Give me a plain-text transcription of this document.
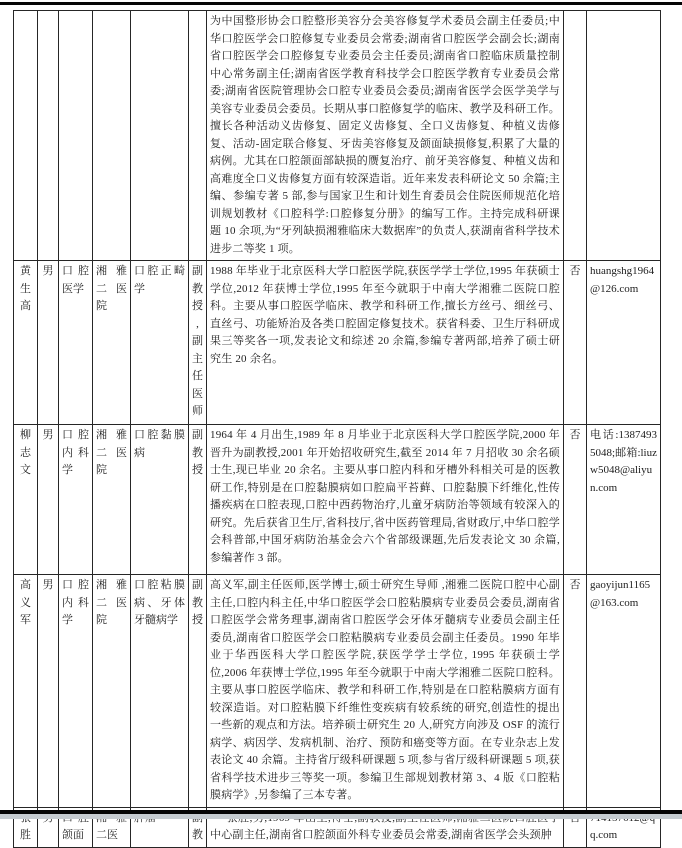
						为中国整形协会口腔整形美容分会美容修复学术委员会副主任委员;中华口腔医学会口腔修复专业委员会常委;湖南省口腔医学会副会长;湖南省口腔医学会口腔修复专业委员会主任委员;湖南省口腔临床质量控制中心常务副主任;湖南省医学教育科技学会口腔医学教育专业委员会常委;湖南省医院管理协会口腔专业委员会委员;湖南省医学会医学美学与美容专业委员会委员。长期从事口腔修复学的临床、教学及科研工作。擅长各种活动义齿修复、固定义齿修复、全口义齿修复、种植义齿修复、活动-固定联合修复、牙齿美容修复及颌面缺损修复,积累了大量的病例。尤其在口腔颌面部缺损的赝复治疗、前牙美容修复、种植义齿和高难度全口义齿修复方面有较深造诣。近年来发表科研论文 50 余篇;主编、参编专著 5 部,参与国家卫生和计划生育委员会住院医师规范化培训规划教材《口腔科学:口腔修复分册》的编写工作。主持完成科研课题 10 余项,为“牙列缺损湘雅临床大数据库”的负责人,获湖南省科学技术进步二等奖 1 项。		
黄生高	男	口腔医学	湘雅二医院	口腔正畸学	副教授,副主任医师	1988 年毕业于北京医科大学口腔医学院,获医学学士学位,1995 年获硕士学位,2012 年获博士学位,1995 年至今就职于中南大学湘雅二医院口腔科。主要从事口腔医学临床、教学和科研工作,擅长方丝弓、细丝弓、直丝弓、功能矫治及各类口腔固定修复技术。获省科委、卫生厅科研成果三等奖各一项,发表论文和综述 20 余篇,参编专著两部,培养了硕士研究生 20 余名。	否	huangshg1964@126.com
柳志文	男	口腔内科学	湘雅二医院	口腔黏膜病	副教授	1964 年 4 月出生,1989 年 8 月毕业于北京医科大学口腔医学院,2000 年晋升为副教授,2001 年开始招收研究生,截至 2014 年 7 月招收 30 余名硕士生,现已毕业 20 余名。主要从事口腔内科和牙槽外科相关可是的医教研工作,特别是在口腔黏膜病如口腔扁平苔藓、口腔黏膜下纤维化,性传播疾病在口腔表现,口腔中西药物治疗,儿童牙病防治等领域有较深入的研究。先后获省卫生厅,省科技厅,省中医药管理局,省财政厅,中华口腔学会科普部,中国牙病防治基金会六个省部级课题,先后发表论文 30 余篇,参编著作 3 部。	否	电话:13874935048;邮箱:liuzw5048@aliyun.com
高义军	男	口腔内科学	湘雅二医院	口腔粘膜病、牙体牙髓病学	副教授	高义军,副主任医师,医学博士,硕士研究生导师 ,湘雅二医院口腔中心副主任,口腔内科主任,中华口腔医学会口腔粘膜病专业委员会委员,湖南省口腔医学会常务理事,湖南省口腔医学会牙体牙髓病专业委员会副主任委员,湖南省口腔医学会口腔粘膜病专业委员会副主任委员。1990 年毕业于华西医科大学口腔医学院,获医学学士学位, 1995 年获硕士学位,2006 年获博士学位,1995 年至今就职于中南大学湘雅二医院口腔科。主要从事口腔医学临床、教学和科研工作,特别是在口腔粘膜病方面有较深造诣。对口腔粘膜下纤维性变疾病有较系统的研究,创造性的提出一些新的观点和方法。培养硕士研究生 20 人,研究方向涉及 OSF 的流行病学、病因学、发病机制、治疗、预防和癌变等方面。在专业杂志上发表论文 40 余篇。主持省厅级科研课题 5 项,参与省厅级科研课题 5 项,获省科学技术进步三等奖一项。参编卫生部规划教材第 3、4 版《口腔粘膜病学》,另参编了三本专著。	否	gaoyijun1165@163.com
胜		颌面	二医		教	中心副主任,湖南省口腔颌面外科专业委员会常委,湖南省医学会头颈肿		q.com
